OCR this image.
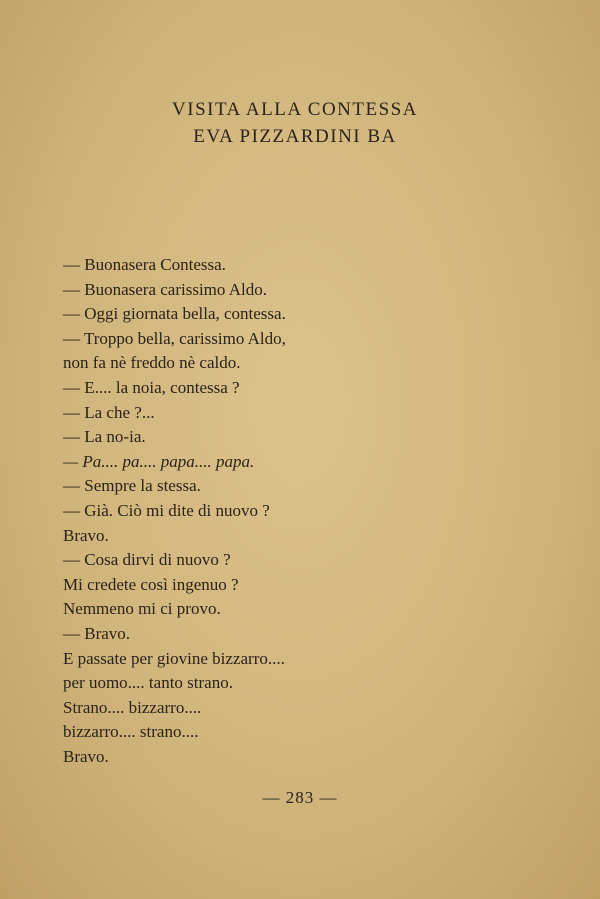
VISITA ALLA CONTESSA
EVA PIZZARDINI BA
— Buonasera Contessa.
— Buonasera carissimo Aldo.
— Oggi giornata bella, contessa.
— Troppo bella, carissimo Aldo,
non fa nè freddo nè caldo.
— E.... la noia, contessa ?
— La che ?...
— La no-ia.
— Pa.... pa.... papa.... papa.
— Sempre la stessa.
— Già. Ciò mi dite di nuovo ?
Bravo.
— Cosa dirvi di nuovo ?
Mi credete così ingenuo ?
Nemmeno mi ci provo.
— Bravo.
E passate per giovine bizzarro....
per uomo.... tanto strano.
Strano.... bizzarro....
bizzarro.... strano....
Bravo.
— 283 —
